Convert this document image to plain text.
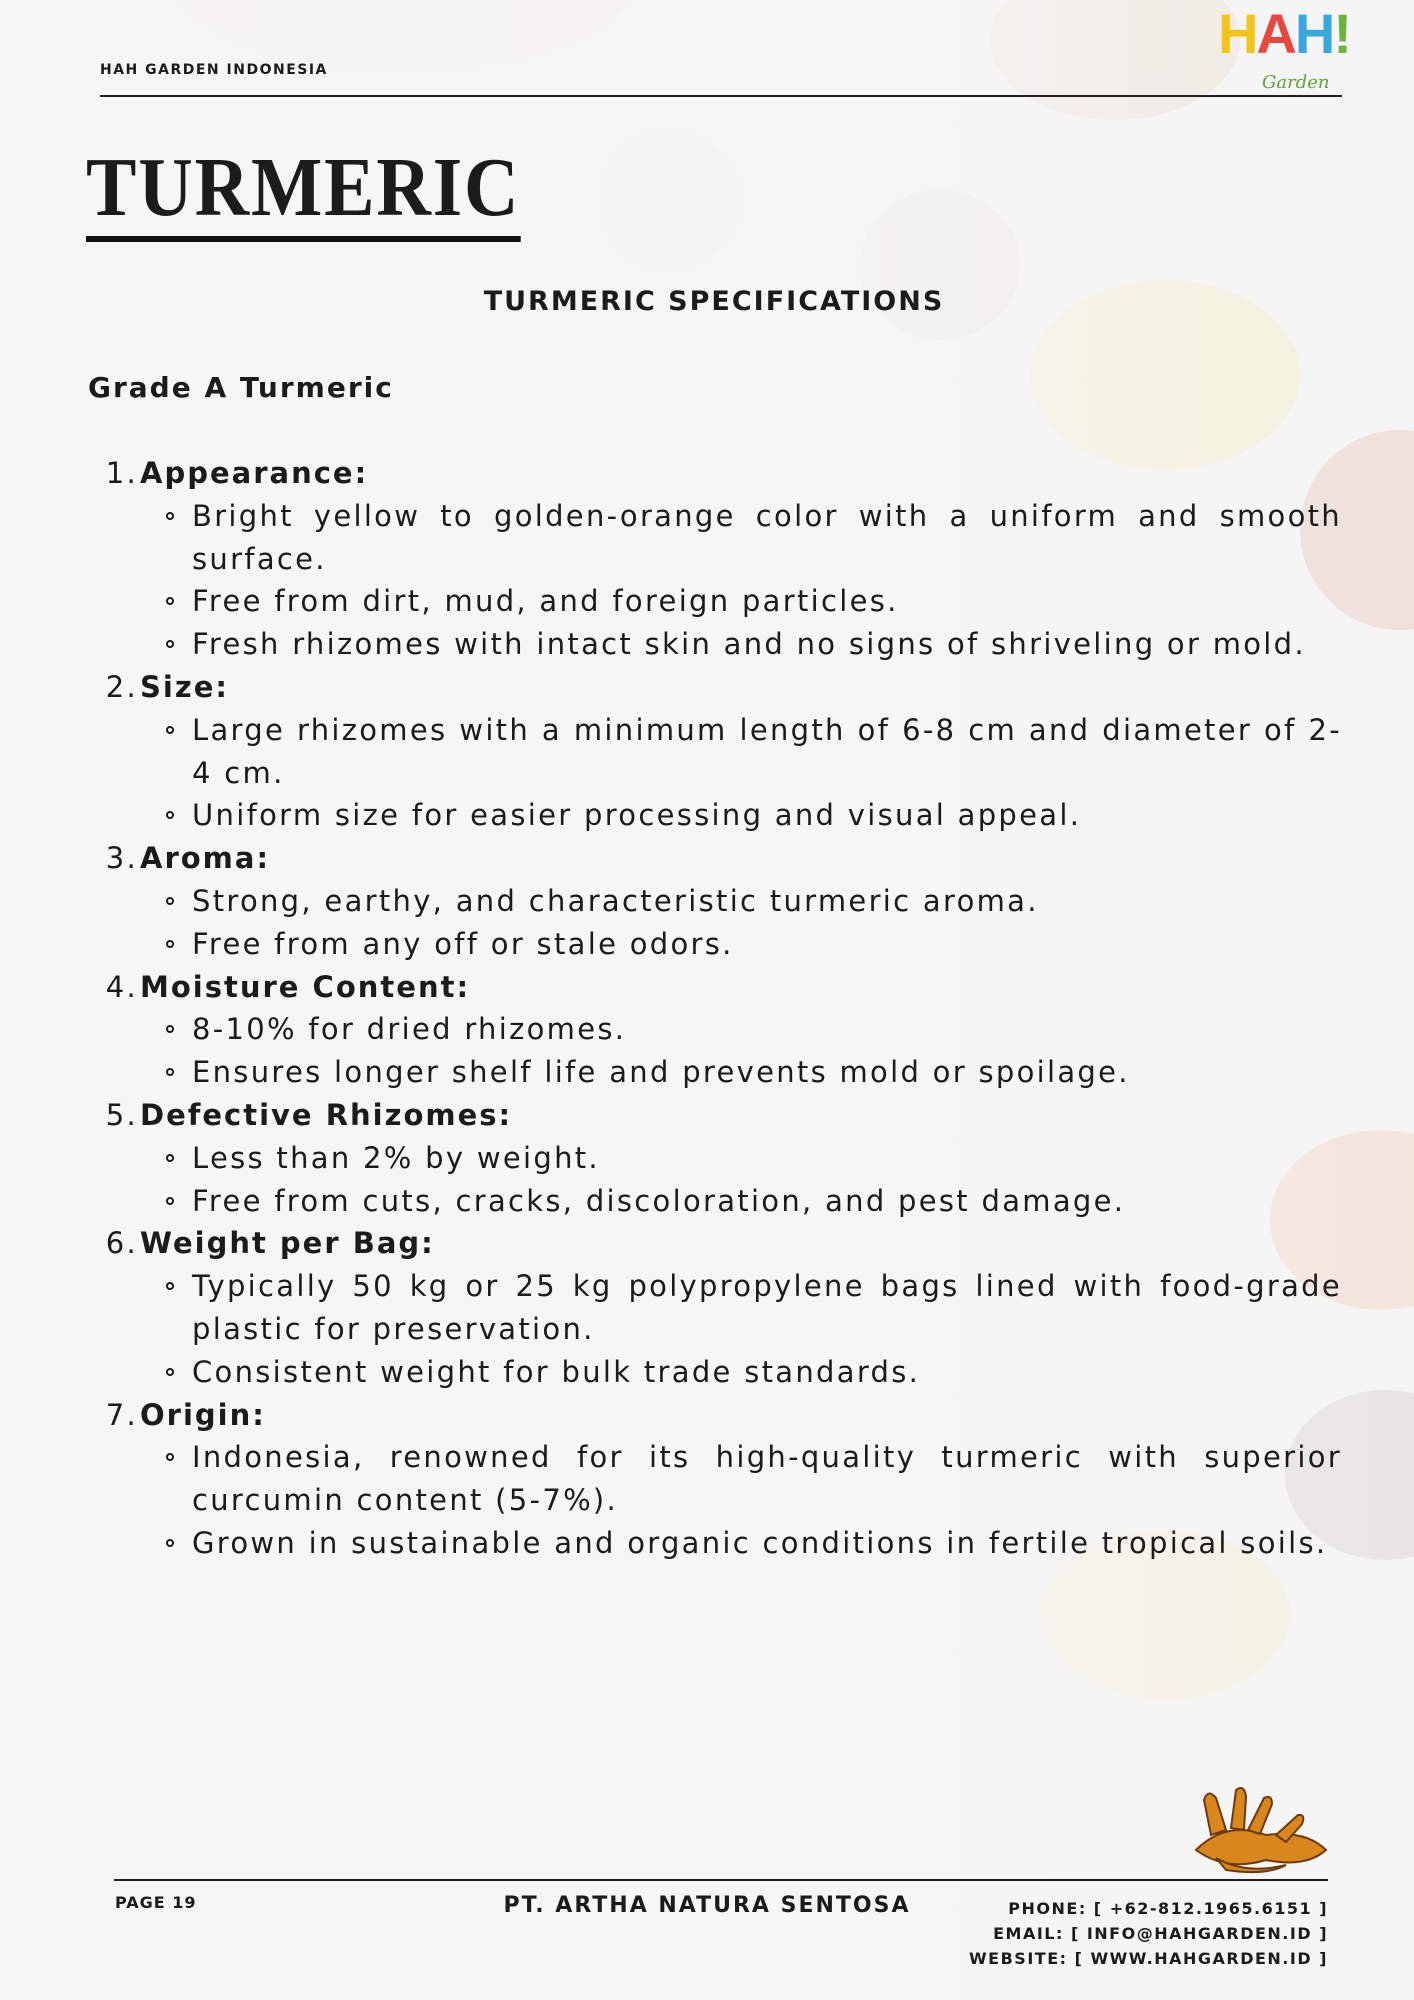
HAH GARDEN INDONESIA
HAH!
Garden
TURMERIC
TURMERIC SPECIFICATIONS
Grade A Turmeric
1. Appearance:
Bright yellow to golden-orange color with a uniform and smooth surface.
Free from dirt, mud, and foreign particles.
Fresh rhizomes with intact skin and no signs of shriveling or mold.
2. Size:
Large rhizomes with a minimum length of 6-8 cm and diameter of 2-4 cm.
Uniform size for easier processing and visual appeal.
3. Aroma:
Strong, earthy, and characteristic turmeric aroma.
Free from any off or stale odors.
4. Moisture Content:
8-10% for dried rhizomes.
Ensures longer shelf life and prevents mold or spoilage.
5. Defective Rhizomes:
Less than 2% by weight.
Free from cuts, cracks, discoloration, and pest damage.
6. Weight per Bag:
Typically 50 kg or 25 kg polypropylene bags lined with food-grade plastic for preservation.
Consistent weight for bulk trade standards.
7. Origin:
Indonesia, renowned for its high-quality turmeric with superior curcumin content (5-7%).
Grown in sustainable and organic conditions in fertile tropical soils.
PAGE 19	PT. ARTHA NATURA SENTOSA	PHONE: [ +62-812.1965.6151 ]
EMAIL: [ INFO@HAHGARDEN.ID ]
WEBSITE: [ WWW.HAHGARDEN.ID ]
